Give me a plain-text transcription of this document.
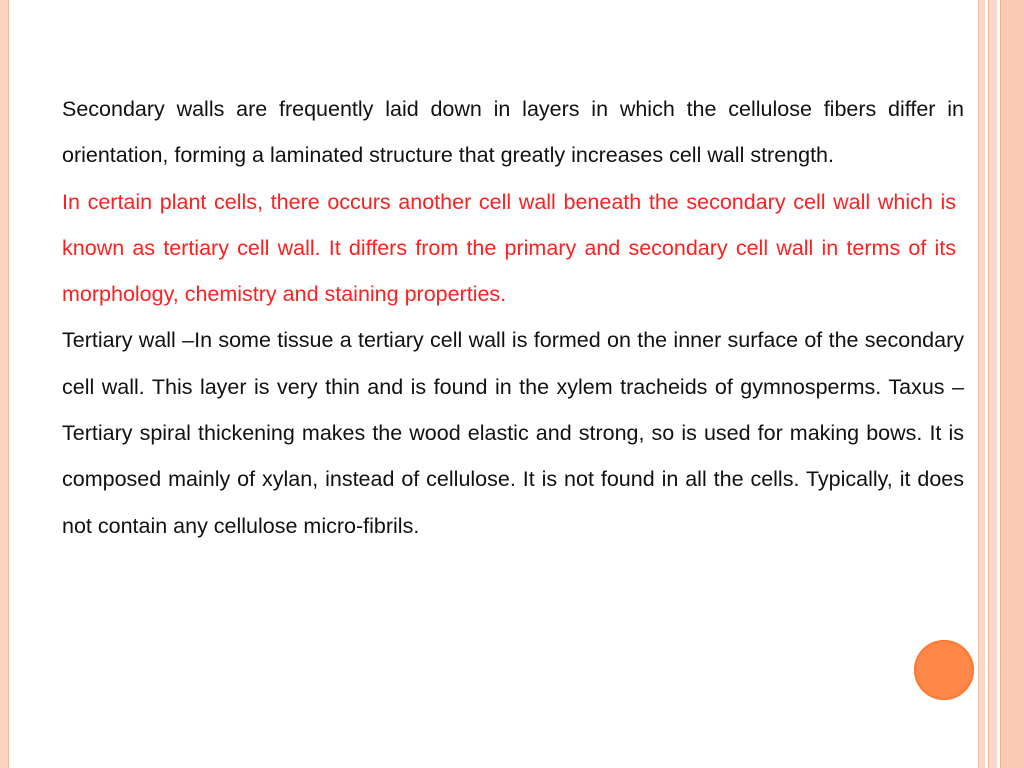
Secondary walls are frequently laid down in layers in which the cellulose fibers differ in orientation, forming a laminated structure that greatly increases cell wall strength.

In certain plant cells, there occurs another cell wall beneath the secondary cell wall which is known as tertiary cell wall. It differs from the primary and secondary cell wall in terms of its morphology, chemistry and staining properties.

Tertiary wall –In some tissue a tertiary cell wall is formed on the inner surface of the secondary cell wall. This layer is very thin and is found in the xylem tracheids of gymnosperms. Taxus – Tertiary spiral thickening makes the wood elastic and strong, so is used for making bows. It is composed mainly of xylan, instead of cellulose. It is not found in all the cells. Typically, it does not contain any cellulose micro-fibrils.
